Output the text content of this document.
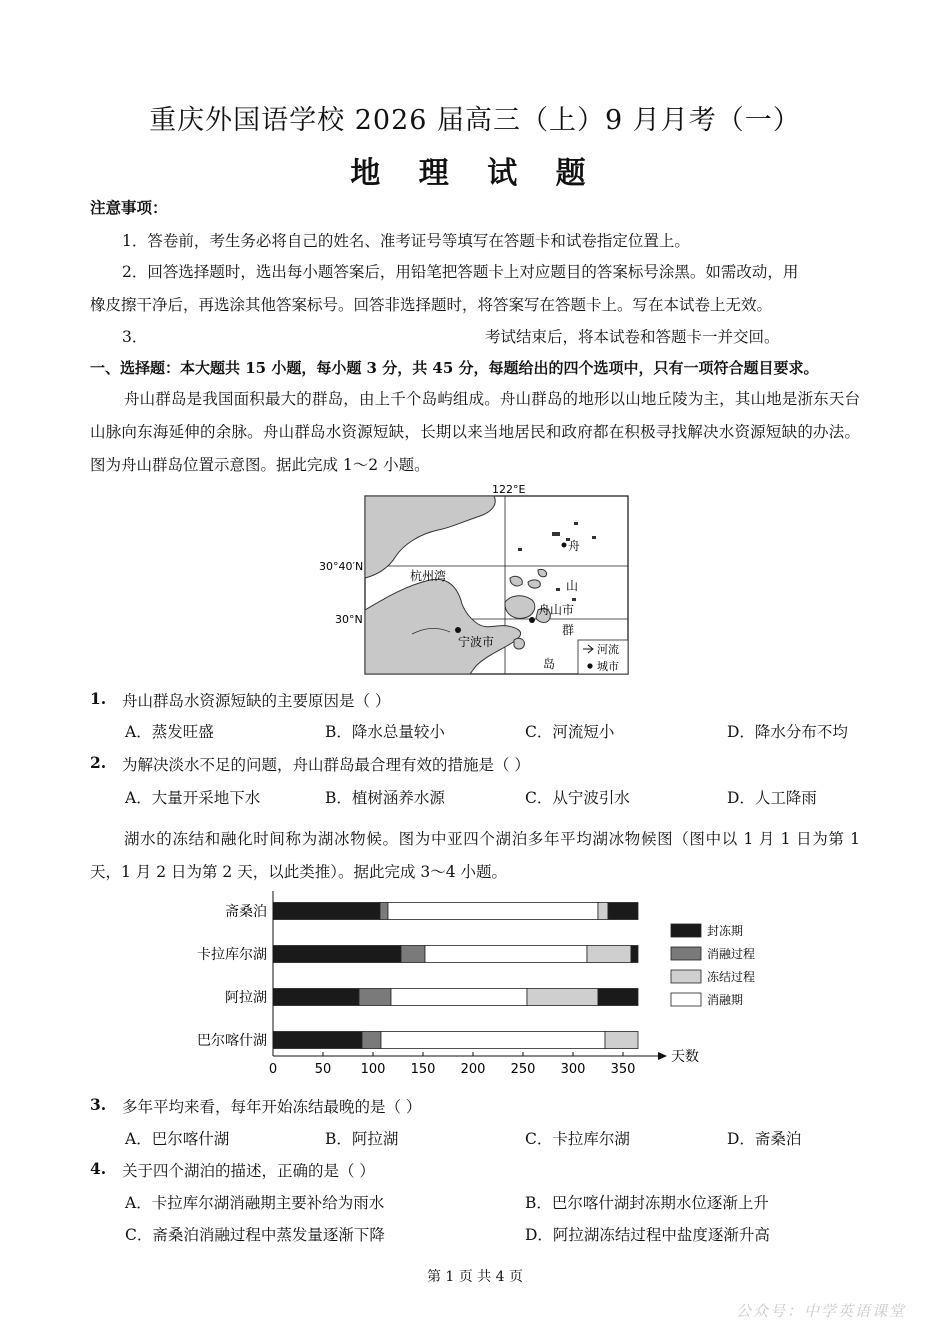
重庆外国语学校 2026 届高三（上）9 月月考（一）
地 理 试 题
注意事项：
1．答卷前，考生务必将自己的姓名、准考证号等填写在答题卡和试卷指定位置上。
2．回答选择题时，选出每小题答案后，用铅笔把答题卡上对应题目的答案标号涂黑。如需改动，用
橡皮擦干净后，再选涂其他答案标号。回答非选择题时，将答案写在答题卡上。写在本试卷上无效。
3．	考试结束后，将本试卷和答题卡一并交回。
一、选择题：本大题共 15 小题，每小题 3 分，共 45 分，每题给出的四个选项中，只有一项符合题目要求。
舟山群岛是我国面积最大的群岛，由上千个岛屿组成。舟山群岛的地形以山地丘陵为主，其山地是浙东天台山脉向东海延伸的余脉。舟山群岛水资源短缺，长期以来当地居民和政府都在积极寻找解决水资源短缺的办法。图为舟山群岛位置示意图。据此完成 1～2 小题。
122°E
30°40′N
30°N
杭州湾
宁波市
舟山市
舟
山
群
岛
河流
城市
1. 舟山群岛水资源短缺的主要原因是（ ）
A．蒸发旺盛	B．降水总量较小	C．河流短小	D．降水分布不均
2. 为解决淡水不足的问题，舟山群岛最合理有效的措施是（ ）
A．大量开采地下水	B．植树涵养水源	C．从宁波引水	D．人工降雨
湖水的冻结和融化时间称为湖冰物候。图为中亚四个湖泊多年平均湖冰物候图（图中以 1 月 1 日为第 1 天，1 月 2 日为第 2 天，以此类推）。据此完成 3～4 小题。
斋桑泊
卡拉库尔湖
阿拉湖
巴尔喀什湖
0	50 100 150 200 250 300 350
天数
封冻期
消融过程
冻结过程
消融期
3. 多年平均来看，每年开始冻结最晚的是（ ）
A．巴尔喀什湖	B．阿拉湖	C．卡拉库尔湖	D．斋桑泊
4. 关于四个湖泊的描述，正确的是（ ）
A．卡拉库尔湖消融期主要补给为雨水	B．巴尔喀什湖封冻期水位逐渐上升
C．斋桑泊消融过程中蒸发量逐渐下降	D．阿拉湖冻结过程中盐度逐渐升高
第 1 页 共 4 页
公众号：中学英语课堂
